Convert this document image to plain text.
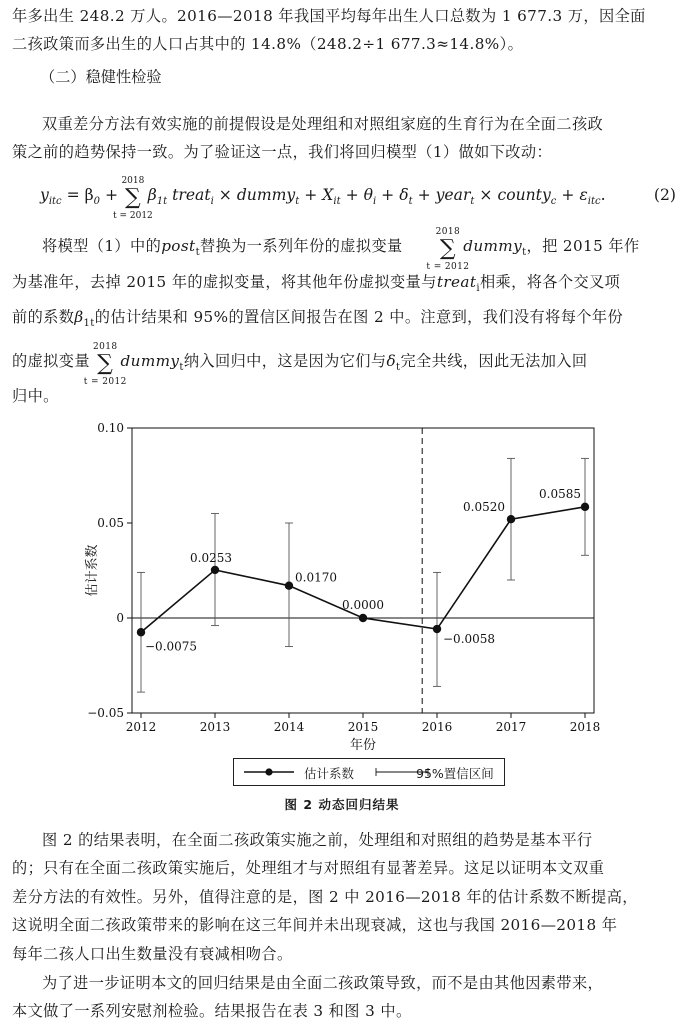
年多出生 248.2 万人。2016—2018 年我国平均每年出生人口总数为 1 677.3 万，因全面

二孩政策而多出生的人口占其中的 14.8%（248.2÷1 677.3≈14.8%）。

（二）稳健性检验

双重差分方法有效实施的前提假设是处理组和对照组家庭的生育行为在全面二孩政

策之前的趋势保持一致。为了验证这一点，我们将回归模型（1）做如下改动：

$y_{itc} = \beta_0$ + ∑
2018
t = 2012
$\beta_{1t}$ treat$_i$ × dummy$_t$ + $X_{it} + \theta_i + \delta_t$ + year$_t$ × county$_c$ + $\varepsilon_{itc}$.	(2)

将模型（1）中的post$_t$替换为一系列年份的虚拟变量 ∑
2018
t = 2012
dummy$_t$，把 2015 年作

为基准年，去掉 2015 年的虚拟变量，将其他年份虚拟变量与treat$_i$相乘，将各个交叉项

前的系数$\beta_{1t}$的估计结果和 95%的置信区间报告在图 2 中。注意到，我们没有将每个年份

的虚拟变量 ∑
2018
t = 2012
dummy$_t$纳入回归中，这是因为它们与$\delta_t$完全共线，因此无法加入回

归中。

0.10
0.05
0
−0.05
2012	2013	2014	2015	2016	2017	2018
年份
估计系数
−0.0075
0.0253
0.0170
0.0000
−0.0058
0.0520
0.0585
估计系数	95%置信区间
图 2 动态回归结果

图 2 的结果表明，在全面二孩政策实施之前，处理组和对照组的趋势是基本平行

的；只有在全面二孩政策实施后，处理组才与对照组有显著差异。这足以证明本文双重

差分方法的有效性。另外，值得注意的是，图 2 中 2016—2018 年的估计系数不断提高，

这说明全面二孩政策带来的影响在这三年间并未出现衰减，这也与我国 2016—2018 年

每年二孩人口出生数量没有衰减相吻合。

为了进一步证明本文的回归结果是由全面二孩政策导致，而不是由其他因素带来，

本文做了一系列安慰剂检验。结果报告在表 3 和图 3 中。
